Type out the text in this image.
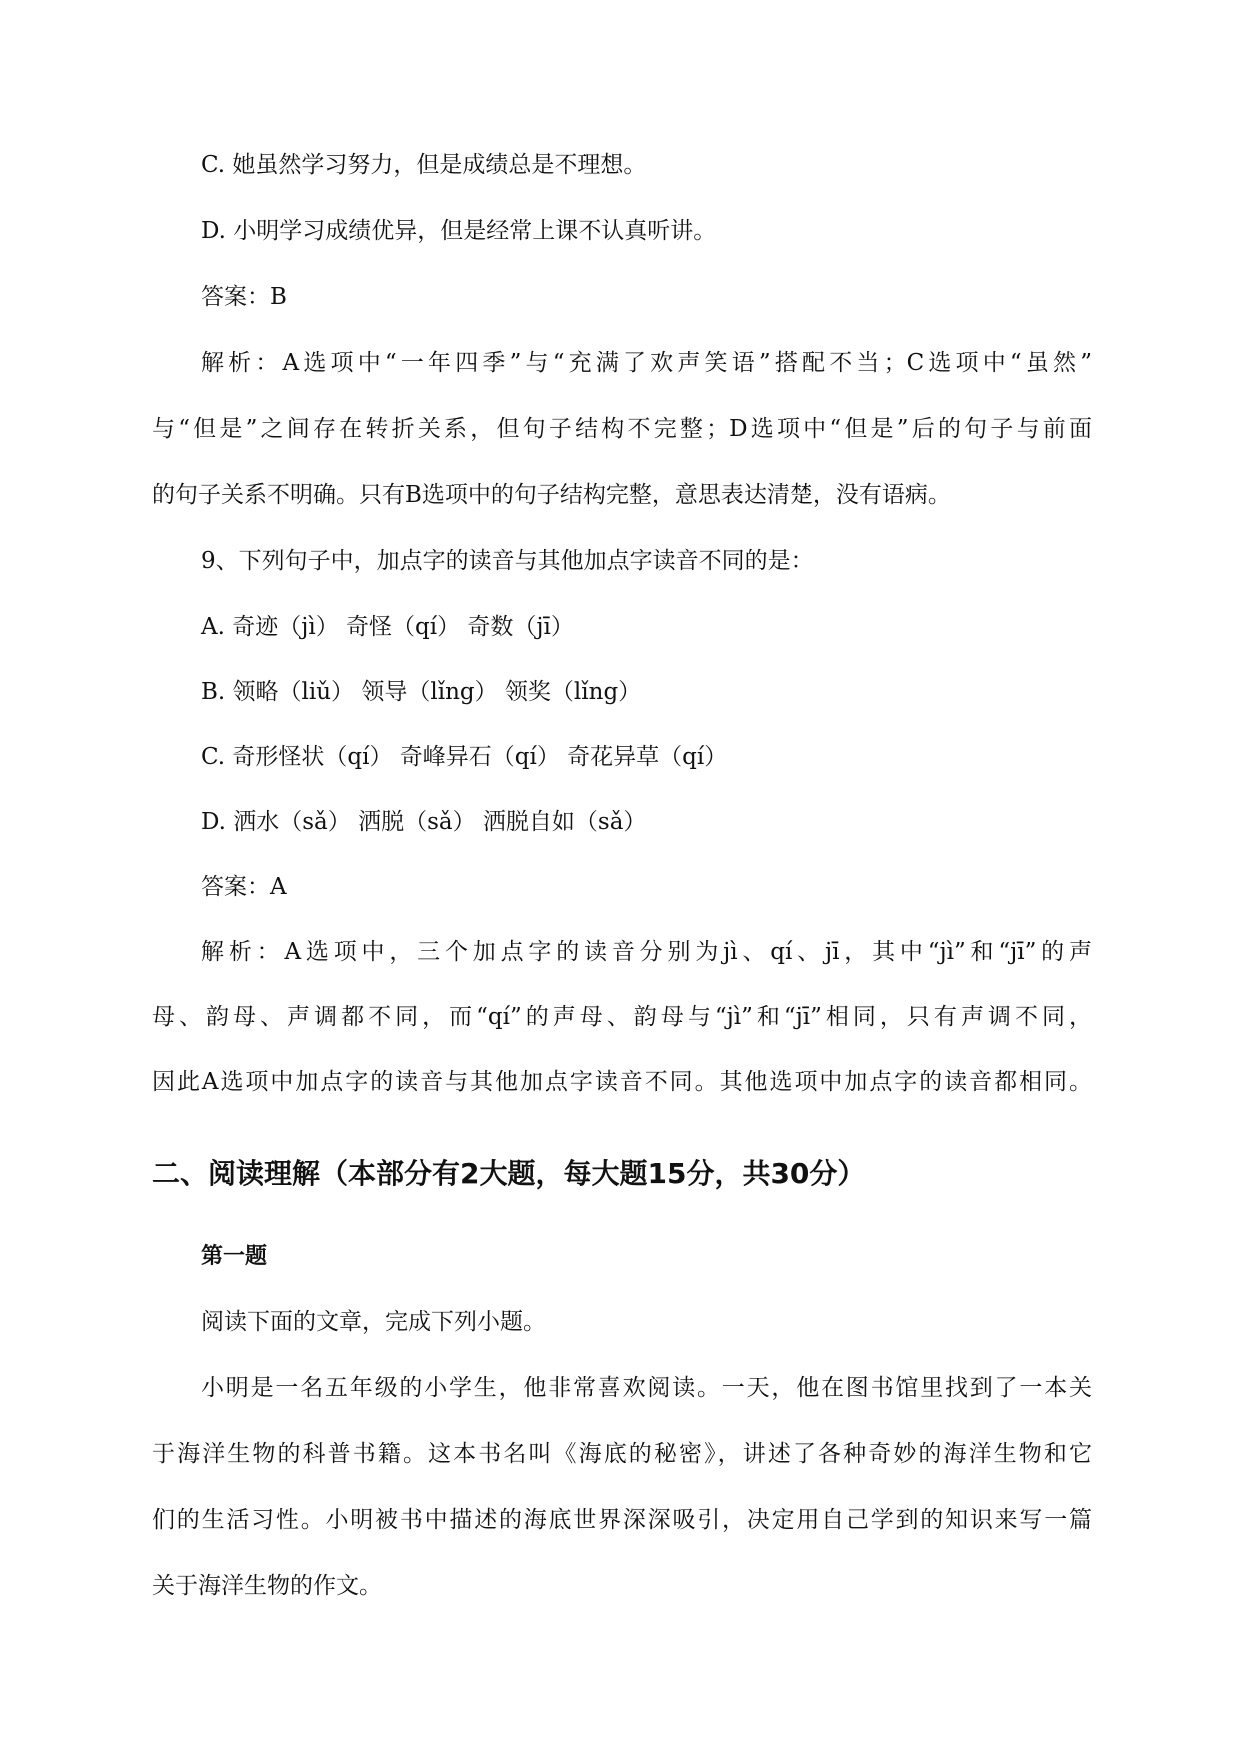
C. 她虽然学习努力，但是成绩总是不理想。
D. 小明学习成绩优异，但是经常上课不认真听讲。
答案：B
解析：A选项中“一年四季”与“充满了欢声笑语”搭配不当；C选项中“虽然”
与“但是”之间存在转折关系，但句子结构不完整；D选项中“但是”后的句子与前面
的句子关系不明确。只有B选项中的句子结构完整，意思表达清楚，没有语病。
9、下列句子中，加点字的读音与其他加点字读音不同的是：
A. 奇迹（jì） 奇怪（qí） 奇数（jī）
B. 领略（liǔ） 领导（lǐng） 领奖（lǐng）
C. 奇形怪状（qí） 奇峰异石（qí） 奇花异草（qí）
D. 洒水（sǎ） 洒脱（sǎ） 洒脱自如（sǎ）
答案：A
解析：A选项中，三个加点字的读音分别为jì、qí、jī，其中“jì”和“jī”的声
母、韵母、声调都不同，而“qí”的声母、韵母与“jì”和“jī”相同，只有声调不同，
因此A选项中加点字的读音与其他加点字读音不同。其他选项中加点字的读音都相同。
二、阅读理解（本部分有2大题，每大题15分，共30分）
第一题
阅读下面的文章，完成下列小题。
小明是一名五年级的小学生，他非常喜欢阅读。一天，他在图书馆里找到了一本关
于海洋生物的科普书籍。这本书名叫《海底的秘密》，讲述了各种奇妙的海洋生物和它
们的生活习性。小明被书中描述的海底世界深深吸引，决定用自己学到的知识来写一篇
关于海洋生物的作文。
